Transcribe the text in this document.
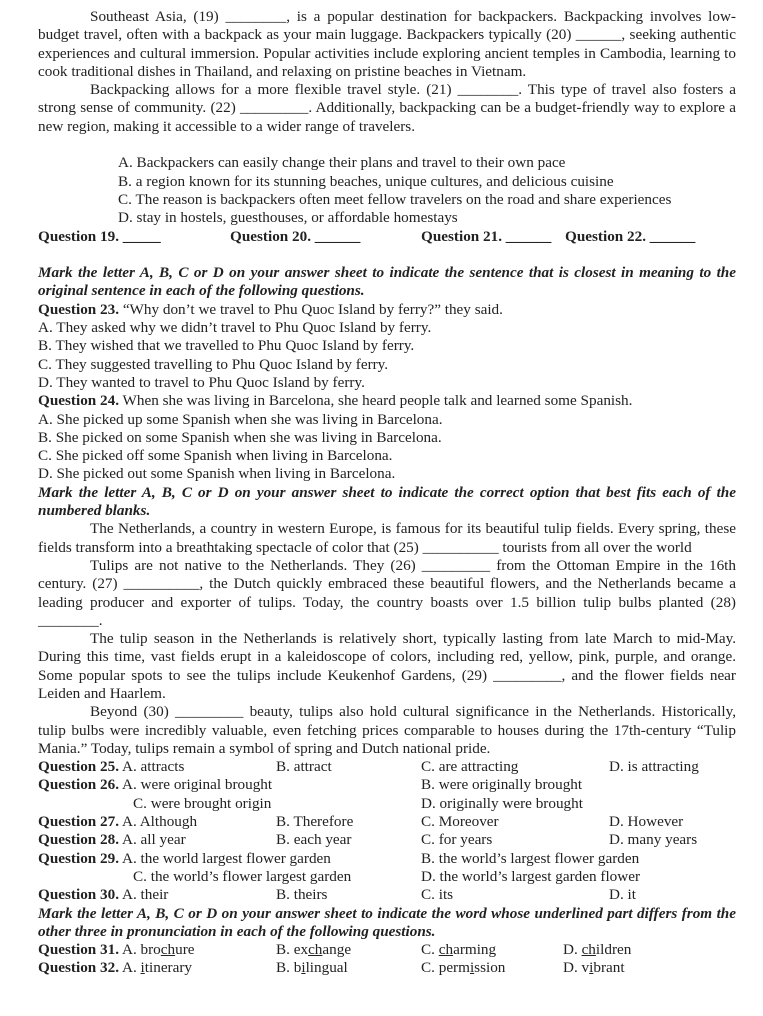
Southeast Asia, (19) ________, is a popular destination for backpackers. Backpacking involves low-budget travel, often with a backpack as your main luggage. Backpackers typically (20) ______, seeking authentic experiences and cultural immersion. Popular activities include exploring ancient temples in Cambodia, learning to cook traditional dishes in Thailand, and relaxing on pristine beaches in Vietnam.

Backpacking allows for a more flexible travel style. (21) ________. This type of travel also fosters a strong sense of community. (22) _________. Additionally, backpacking can be a budget-friendly way to explore a new region, making it accessible to a wider range of travelers.

A. Backpackers can easily change their plans and travel to their own pace
B. a region known for its stunning beaches, unique cultures, and delicious cuisine
C. The reason is backpackers often meet fellow travelers on the road and share experiences
D. stay in hostels, guesthouses, or affordable homestays
Question 19. _____	Question 20. ______	Question 21. ______ Question 22. ______
Mark the letter A, B, C or D on your answer sheet to indicate the sentence that is closest in meaning to the original sentence in each of the following questions.
Question 23. “Why don’t we travel to Phu Quoc Island by ferry?” they said.
A. They asked why we didn’t travel to Phu Quoc Island by ferry.
B. They wished that we travelled to Phu Quoc Island by ferry.
C. They suggested travelling to Phu Quoc Island by ferry.
D. They wanted to travel to Phu Quoc Island by ferry.
Question 24. When she was living in Barcelona, she heard people talk and learned some Spanish.
A. She picked up some Spanish when she was living in Barcelona.
B. She picked on some Spanish when she was living in Barcelona.
C. She picked off some Spanish when living in Barcelona.
D. She picked out some Spanish when living in Barcelona.
Mark the letter A, B, C or D on your answer sheet to indicate the correct option that best fits each of the numbered blanks.

The Netherlands, a country in western Europe, is famous for its beautiful tulip fields. Every spring, these fields transform into a breathtaking spectacle of color that (25) __________ tourists from all over the world

Tulips are not native to the Netherlands. They (26) _________ from the Ottoman Empire in the 16th century. (27) __________, the Dutch quickly embraced these beautiful flowers, and the Netherlands became a leading producer and exporter of tulips. Today, the country boasts over 1.5 billion tulip bulbs planted (28) ________.

The tulip season in the Netherlands is relatively short, typically lasting from late March to mid-May. During this time, vast fields erupt in a kaleidoscope of colors, including red, yellow, pink, purple, and orange. Some popular spots to see the tulips include Keukenhof Gardens, (29) _________, and the flower fields near Leiden and Haarlem.

Beyond (30) _________ beauty, tulips also hold cultural significance in the Netherlands. Historically, tulip bulbs were incredibly valuable, even fetching prices comparable to houses during the 17th-century “Tulip Mania.” Today, tulips remain a symbol of spring and Dutch national pride.

Question 25. A. attracts	B. attract	C. are attracting	D. is attracting
Question 26. A. were original brought	B. were originally brought
C. were brought origin	D. originally were brought
Question 27. A. Although	B. Therefore	C. Moreover	D. However
Question 28. A. all year	B. each year	C. for years	D. many years
Question 29. A. the world largest flower garden	B. the world’s largest flower garden
C. the world’s flower largest garden	D. the world’s largest garden flower
Question 30. A. their	B. theirs	C. its	D. it
Mark the letter A, B, C or D on your answer sheet to indicate the word whose underlined part differs from the other three in pronunciation in each of the following questions.
Question 31. A. brochure	B. exchange	C. charming	D. children
Question 32. A. itinerary	B. bilingual	C. permission	D. vibrant
